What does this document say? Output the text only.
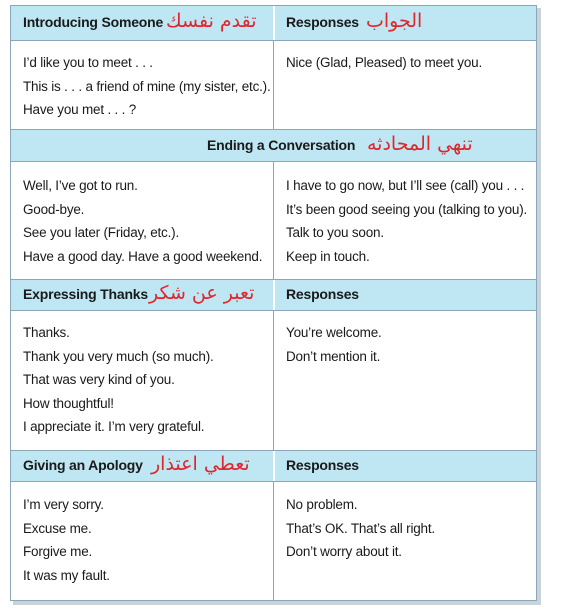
Introducing Someone تقدم نفسك Responses الجواب
I’d like you to meet . . .
This is . . . a friend of mine (my sister, etc.).
Have you met . . . ?
Nice (Glad, Pleased) to meet you.
Ending a Conversation تنهي المحادثه
Well, I’ve got to run.
Good-bye.
See you later (Friday, etc.).
Have a good day. Have a good weekend.
I have to go now, but I’ll see (call) you . . .
It’s been good seeing you (talking to you).
Talk to you soon.
Keep in touch.
Expressing Thanks تعبر عن شكر Responses
Thanks.
Thank you very much (so much).
That was very kind of you.
How thoughtful!
I appreciate it. I’m very grateful.
You’re welcome.
Don’t mention it.
Giving an Apology تعطي اعتذار	Responses
I’m very sorry.
Excuse me.
Forgive me.
It was my fault.
No problem.
That’s OK. That’s all right.
Don’t worry about it.
